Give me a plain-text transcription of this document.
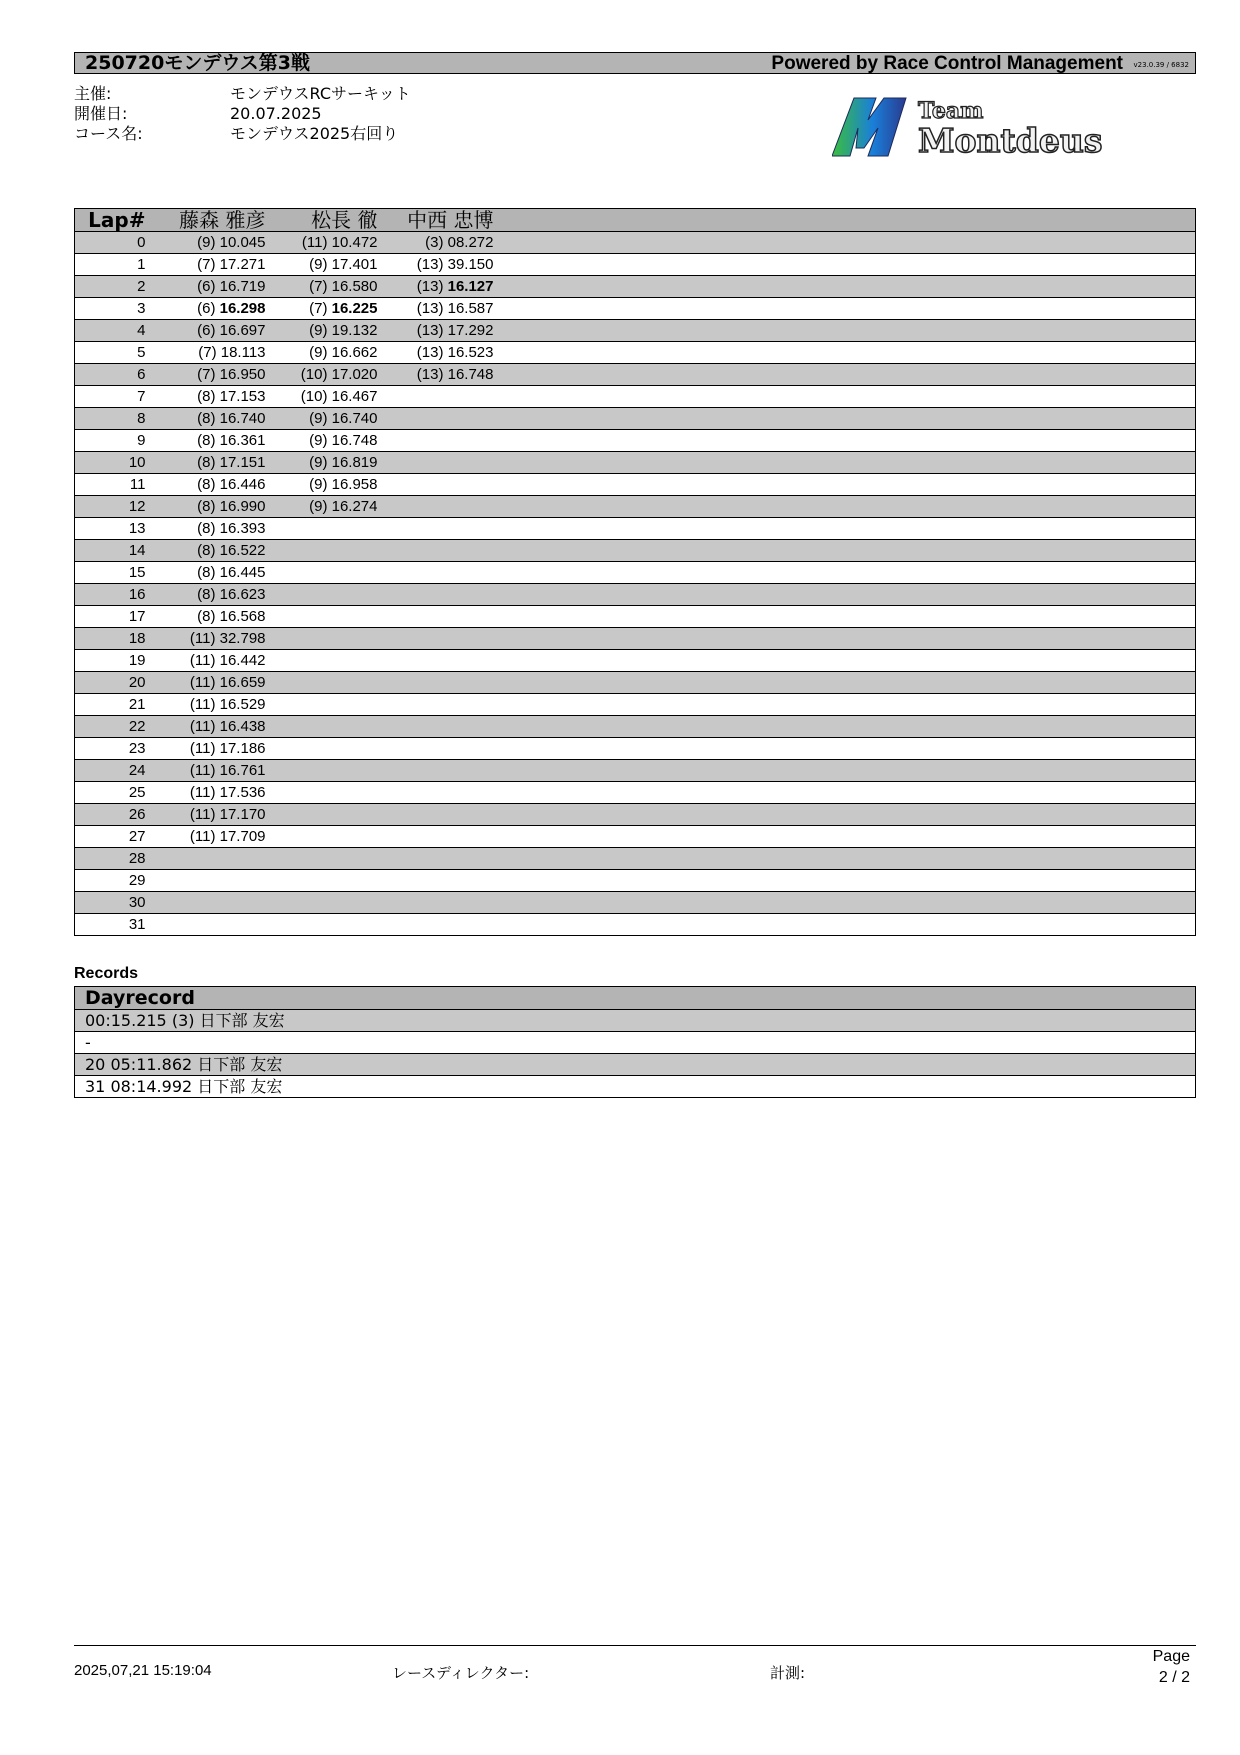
250720モンデウス第3戦	Powered by Race Control Management v23.0.39 / 6832
主催:	モンデウスRCサーキット
開催日:	20.07.2025
コース名:	モンデウス2025右回り
Team
Montdeus
Lap#	藤森 雅彦	松長 徹	中西 忠博	
0	(9) 10.045	(11) 10.472	(3) 08.272	
1	(7) 17.271	(9) 17.401	(13) 39.150	
2	(6) 16.719	(7) 16.580	(13) 16.127	
3	(6) 16.298	(7) 16.225	(13) 16.587	
4	(6) 16.697	(9) 19.132	(13) 17.292	
5	(7) 18.113	(9) 16.662	(13) 16.523	
6	(7) 16.950	(10) 17.020	(13) 16.748	
7	(8) 17.153	(10) 16.467		
8	(8) 16.740	(9) 16.740		
9	(8) 16.361	(9) 16.748		
10	(8) 17.151	(9) 16.819		
11	(8) 16.446	(9) 16.958		
12	(8) 16.990	(9) 16.274		
13	(8) 16.393			
14	(8) 16.522			
15	(8) 16.445			
16	(8) 16.623			
17	(8) 16.568			
18	(11) 32.798			
19	(11) 16.442			
20	(11) 16.659			
21	(11) 16.529			
22	(11) 16.438			
23	(11) 17.186			
24	(11) 16.761			
25	(11) 17.536			
26	(11) 17.170			
27	(11) 17.709			
28				
29				
30				
31				
Records
Dayrecord
00:15.215 (3) 日下部 友宏
-
20 05:11.862 日下部 友宏
31 08:14.992 日下部 友宏
2025,07,21 15:19:04	レースディレクター:	計測:
Page
2 / 2
